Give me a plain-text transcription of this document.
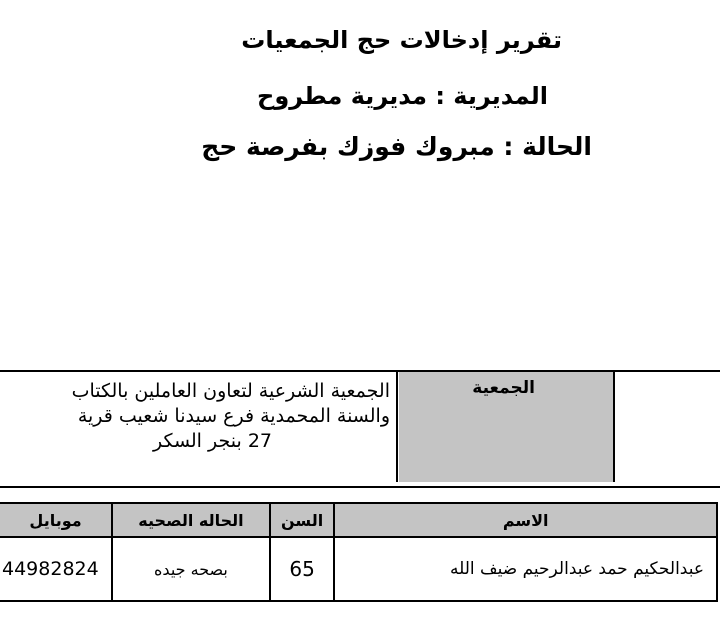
تقرير إدخالات حج الجمعيات
المديرية : مديرية مطروح
الحالة : مبروك فوزك بفرصة حج
الجمعية الشرعية لتعاون العاملين بالكتاب
والسنة المحمدية فرع سيدنا شعيب قرية
27 بنجر السكر
الجمعية
موبايل	الحاله الصحيه	السن	الاسم
44982824	بصحه جيده	65	عبدالحكيم حمد عبدالرحيم ضيف الله
